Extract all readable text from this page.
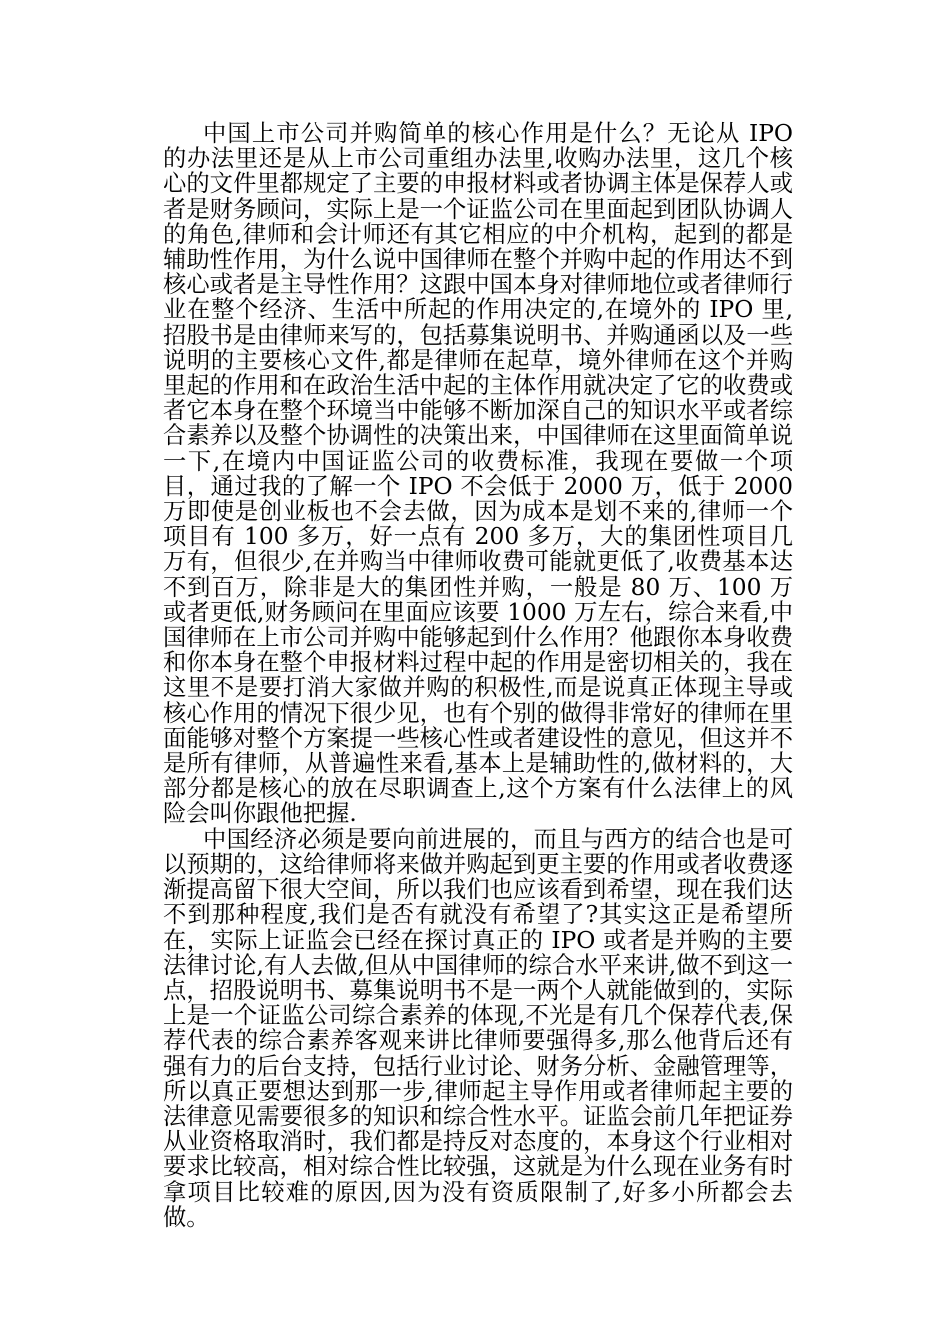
中国上市公司并购简单的核心作用是什么？无论从 IPO 的办法里还是从上市公司重组办法里,收购办法里，这几个核心的文件里都规定了主要的申报材料或者协调主体是保荐人或者是财务顾问，实际上是一个证监公司在里面起到团队协调人的角色,律师和会计师还有其它相应的中介机构，起到的都是辅助性作用，为什么说中国律师在整个并购中起的作用达不到核心或者是主导性作用？这跟中国本身对律师地位或者律师行业在整个经济、生活中所起的作用决定的,在境外的 IPO 里,招股书是由律师来写的，包括募集说明书、并购通函以及一些说明的主要核心文件,都是律师在起草，境外律师在这个并购里起的作用和在政治生活中起的主体作用就决定了它的收费或者它本身在整个环境当中能够不断加深自己的知识水平或者综合素养以及整个协调性的决策出来，中国律师在这里面简单说一下,在境内中国证监公司的收费标准，我现在要做一个项目，通过我的了解一个 IPO 不会低于 2000 万，低于 2000 万即使是创业板也不会去做，因为成本是划不来的,律师一个项目有 100 多万，好一点有 200 多万，大的集团性项目几万有，但很少,在并购当中律师收费可能就更低了,收费基本达不到百万，除非是大的集团性并购，一般是 80 万、100 万或者更低,财务顾问在里面应该要 1000 万左右，综合来看,中国律师在上市公司并购中能够起到什么作用？他跟你本身收费和你本身在整个申报材料过程中起的作用是密切相关的，我在这里不是要打消大家做并购的积极性,而是说真正体现主导或核心作用的情况下很少见，也有个别的做得非常好的律师在里面能够对整个方案提一些核心性或者建设性的意见，但这并不是所有律师，从普遍性来看,基本上是辅助性的,做材料的，大部分都是核心的放在尽职调查上,这个方案有什么法律上的风险会叫你跟他把握.

中国经济必须是要向前进展的，而且与西方的结合也是可以预期的，这给律师将来做并购起到更主要的作用或者收费逐渐提高留下很大空间，所以我们也应该看到希望，现在我们达不到那种程度,我们是否有就没有希望了?其实这正是希望所在，实际上证监会已经在探讨真正的 IPO 或者是并购的主要法律讨论,有人去做,但从中国律师的综合水平来讲,做不到这一点，招股说明书、募集说明书不是一两个人就能做到的，实际上是一个证监公司综合素养的体现,不光是有几个保荐代表,保荐代表的综合素养客观来讲比律师要强得多,那么他背后还有强有力的后台支持，包括行业讨论、财务分析、金融管理等，所以真正要想达到那一步,律师起主导作用或者律师起主要的法律意见需要很多的知识和综合性水平。证监会前几年把证券从业资格取消时，我们都是持反对态度的，本身这个行业相对要求比较高，相对综合性比较强，这就是为什么现在业务有时拿项目比较难的原因,因为没有资质限制了,好多小所都会去做。
